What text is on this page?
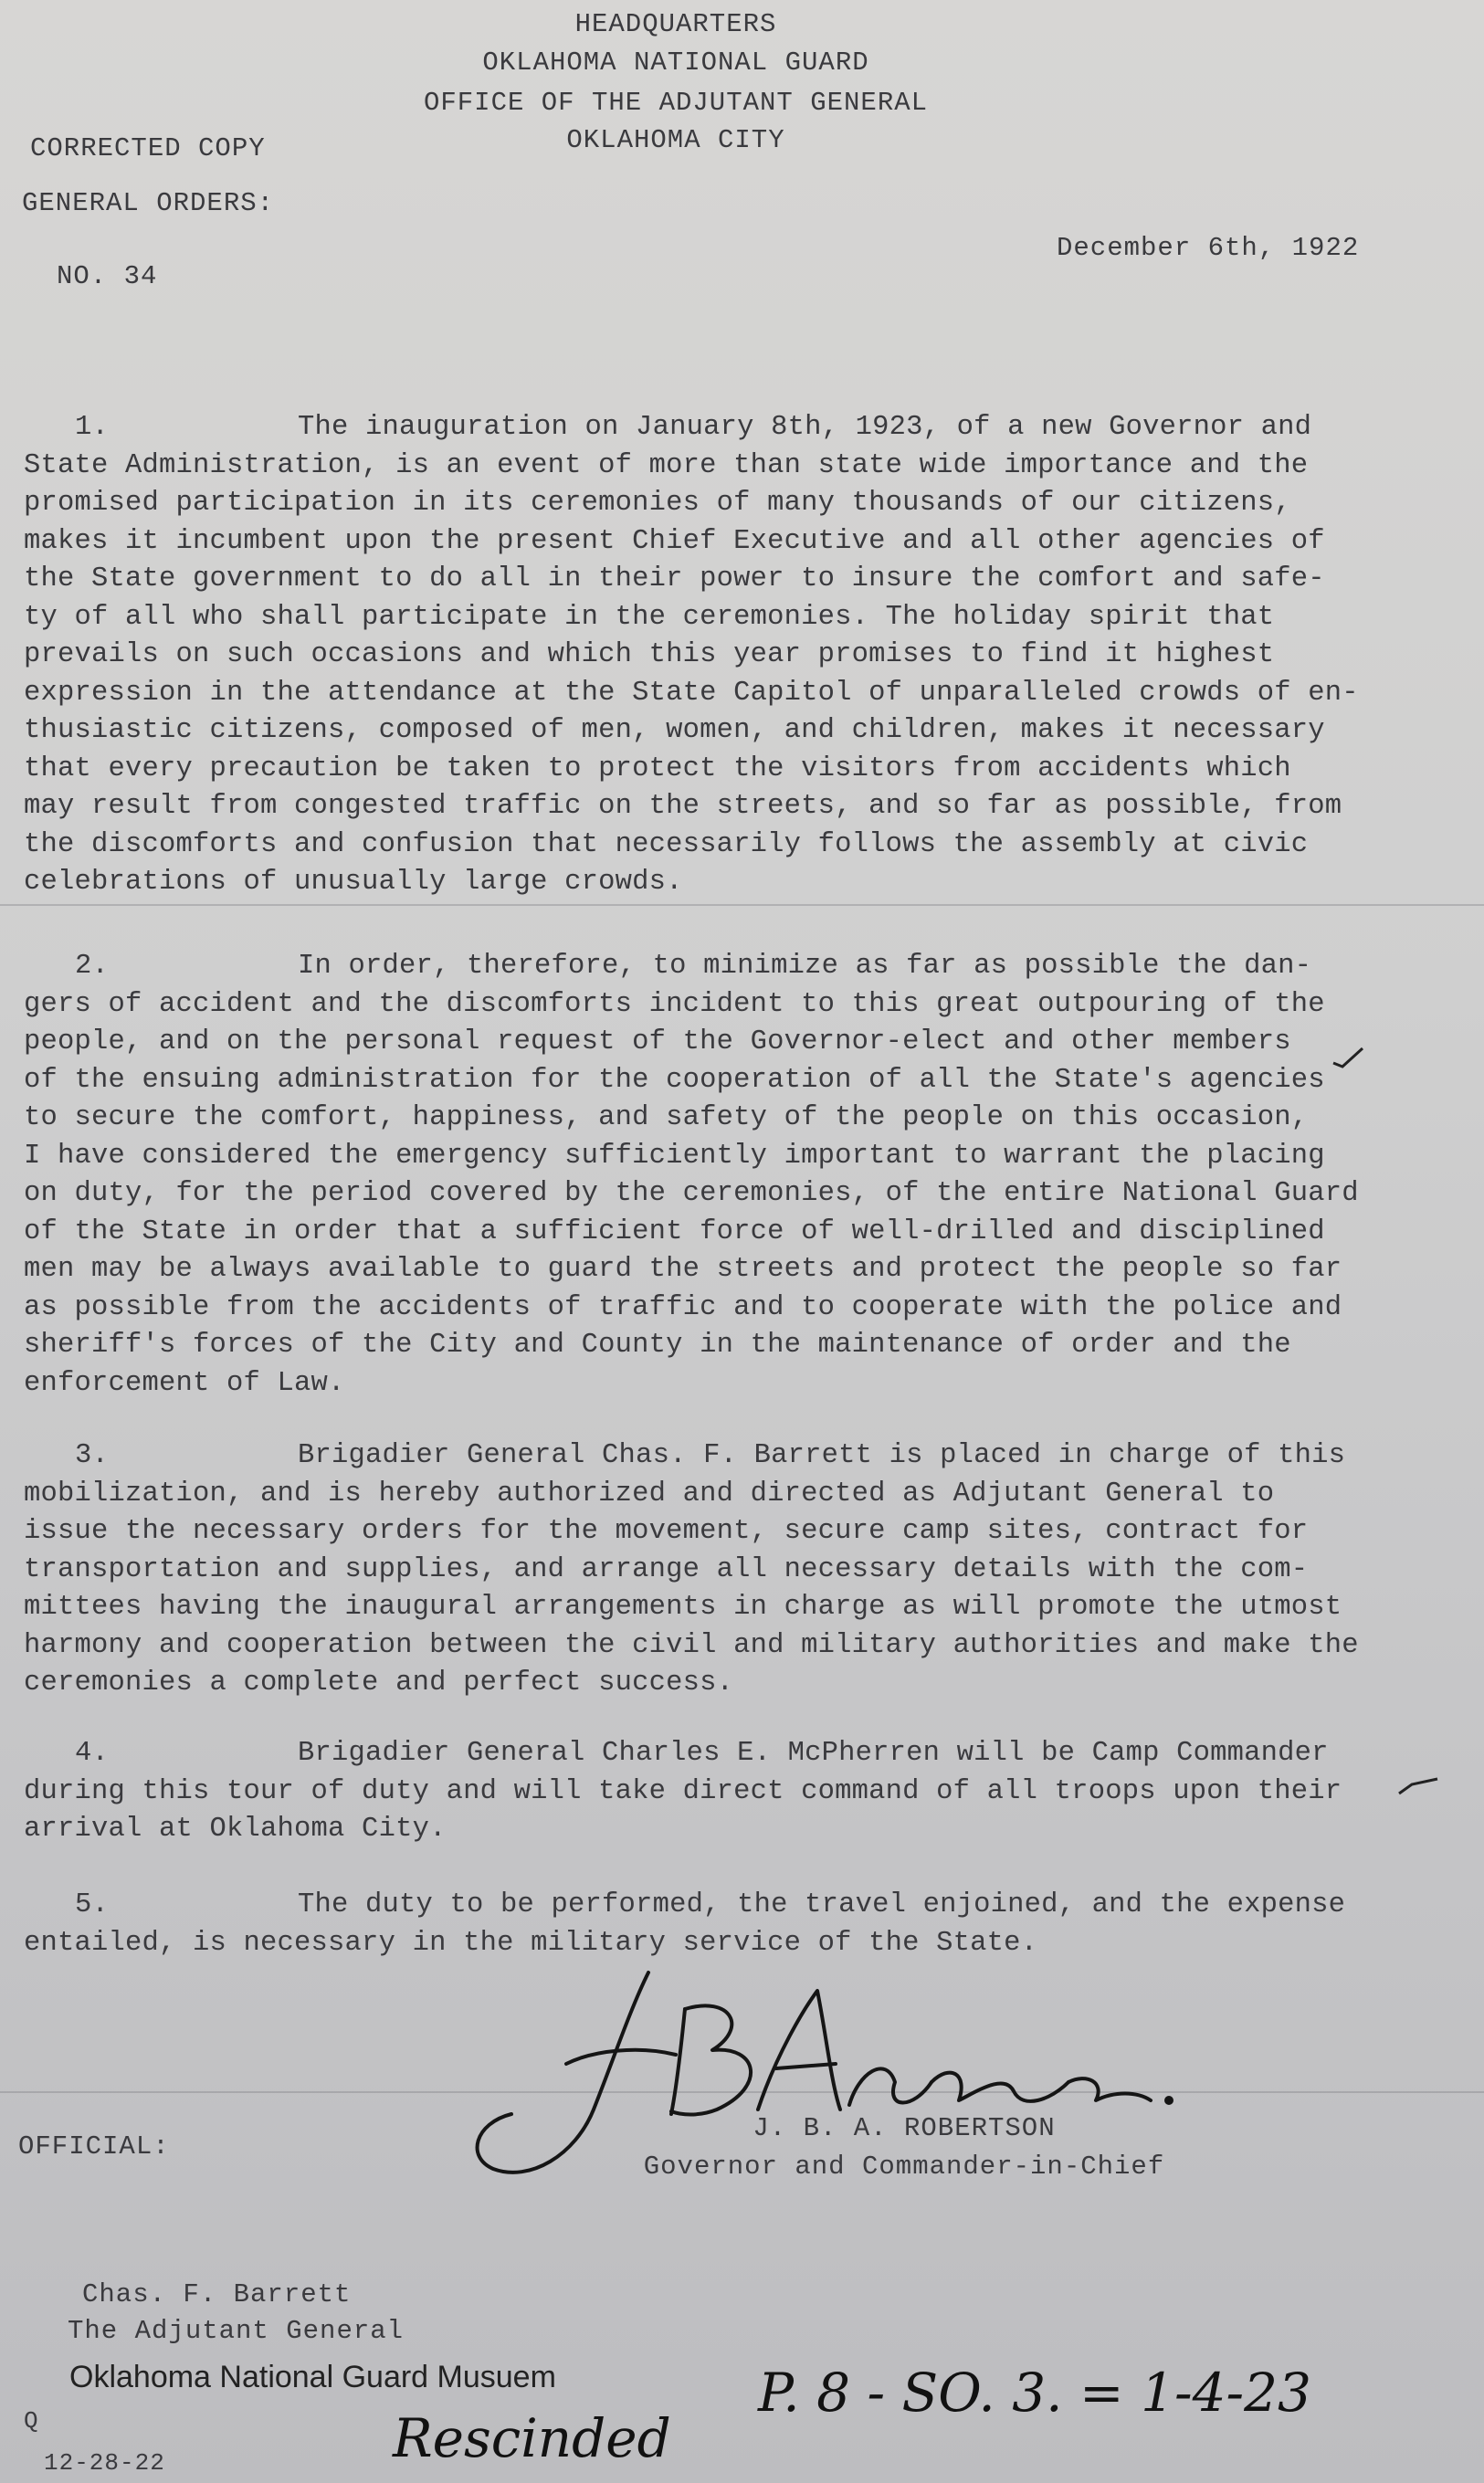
HEADQUARTERS
OKLAHOMA NATIONAL GUARD
OFFICE OF THE ADJUTANT GENERAL
OKLAHOMA CITY
CORRECTED COPY
GENERAL ORDERS:
NO. 34
December 6th, 1922
1.	The inauguration on January 8th, 1923, of a new Governor and
State Administration, is an event of more than state wide importance and the
promised participation in its ceremonies of many thousands of our citizens,
makes it incumbent upon the present Chief Executive and all other agencies of
the State government to do all in their power to insure the comfort and safe-
ty of all who shall participate in the ceremonies. The holiday spirit that
prevails on such occasions and which this year promises to find it highest
expression in the attendance at the State Capitol of unparalleled crowds of en-
thusiastic citizens, composed of men, women, and children, makes it necessary
that every precaution be taken to protect the visitors from accidents which
may result from congested traffic on the streets, and so far as possible, from
the discomforts and confusion that necessarily follows the assembly at civic
celebrations of unusually large crowds.
2.	In order, therefore, to minimize as far as possible the dan-
gers of accident and the discomforts incident to this great outpouring of the
people, and on the personal request of the Governor-elect and other members
of the ensuing administration for the cooperation of all the State's agencies
to secure the comfort, happiness, and safety of the people on this occasion,
I have considered the emergency sufficiently important to warrant the placing
on duty, for the period covered by the ceremonies, of the entire National Guard
of the State in order that a sufficient force of well-drilled and disciplined
men may be always available to guard the streets and protect the people so far
as possible from the accidents of traffic and to cooperate with the police and
sheriff's forces of the City and County in the maintenance of order and the
enforcement of Law.
3.	Brigadier General Chas. F. Barrett is placed in charge of this
mobilization, and is hereby authorized and directed as Adjutant General to
issue the necessary orders for the movement, secure camp sites, contract for
transportation and supplies, and arrange all necessary details with the com-
mittees having the inaugural arrangements in charge as will promote the utmost
harmony and cooperation between the civil and military authorities and make the
ceremonies a complete and perfect success.
4.	Brigadier General Charles E. McPherren will be Camp Commander
during this tour of duty and will take direct command of all troops upon their
arrival at Oklahoma City.
5.	The duty to be performed, the travel enjoined, and the expense
entailed, is necessary in the military service of the State.
J. B. A. ROBERTSON
Governor and Commander-in-Chief
OFFICIAL:
Chas. F. Barrett
The Adjutant General
Oklahoma National Guard Musuem
Q
12-28-22	Rescinded
P. 8 - SO. 3. = 1-4-23
